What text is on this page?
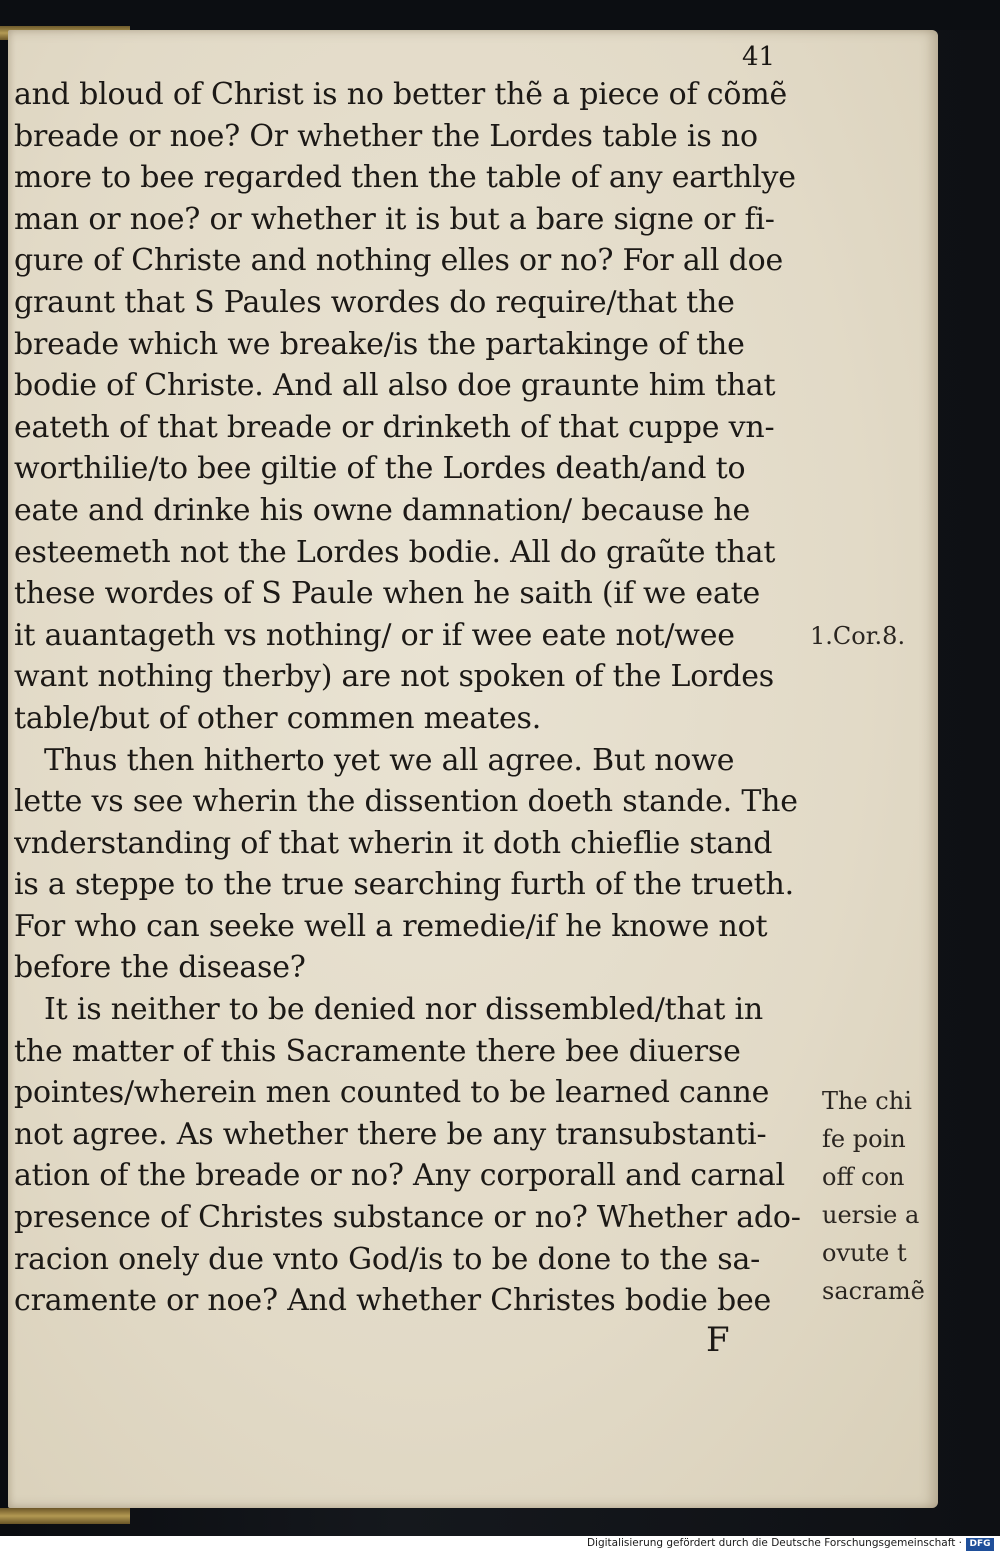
41
and bloud of Christ is no better thẽ a piece of cõmẽ
breade or noe? Or whether the Lordes table is no
more to bee regarded then the table of any earthlye
man or noe? or whether it is but a bare signe or fi-
gure of Christe and nothing elles or no? For all doe
graunt that S Paules wordes do require/that the
breade which we breake/is the partakinge of the
bodie of Christe. And all also doe graunte him that
eateth of that breade or drinketh of that cuppe vn-
worthilie/to bee giltie of the Lordes death/and to
eate and drinke his owne damnation/ because he
esteemeth not the Lordes bodie. All do graũte that
these wordes of S Paule when he saith (if we eate
it auantageth vs nothing/ or if wee eate not/wee
want nothing therby) are not spoken of the Lordes
table/but of other commen meates.
Thus then hitherto yet we all agree. But nowe
lette vs see wherin the dissention doeth stande. The
vnderstanding of that wherin it doth chieflie stand
is a steppe to the true searching furth of the trueth.
For who can seeke well a remedie/if he knowe not
before the disease?
It is neither to be denied nor dissembled/that in
the matter of this Sacramente there bee diuerse
pointes/wherein men counted to be learned canne
not agree. As whether there be any transubstanti-
ation of the breade or no? Any corporall and carnal
presence of Christes substance or no? Whether ado-
racion onely due vnto God/is to be done to the sa-
cramente or noe? And whether Christes bodie bee
1.Cor.8.
The chi
fe poin
off con
uersie a
ovute t
sacramẽ
F
Digitalisierung gefördert durch die Deutsche Forschungsgemeinschaft · DFG
